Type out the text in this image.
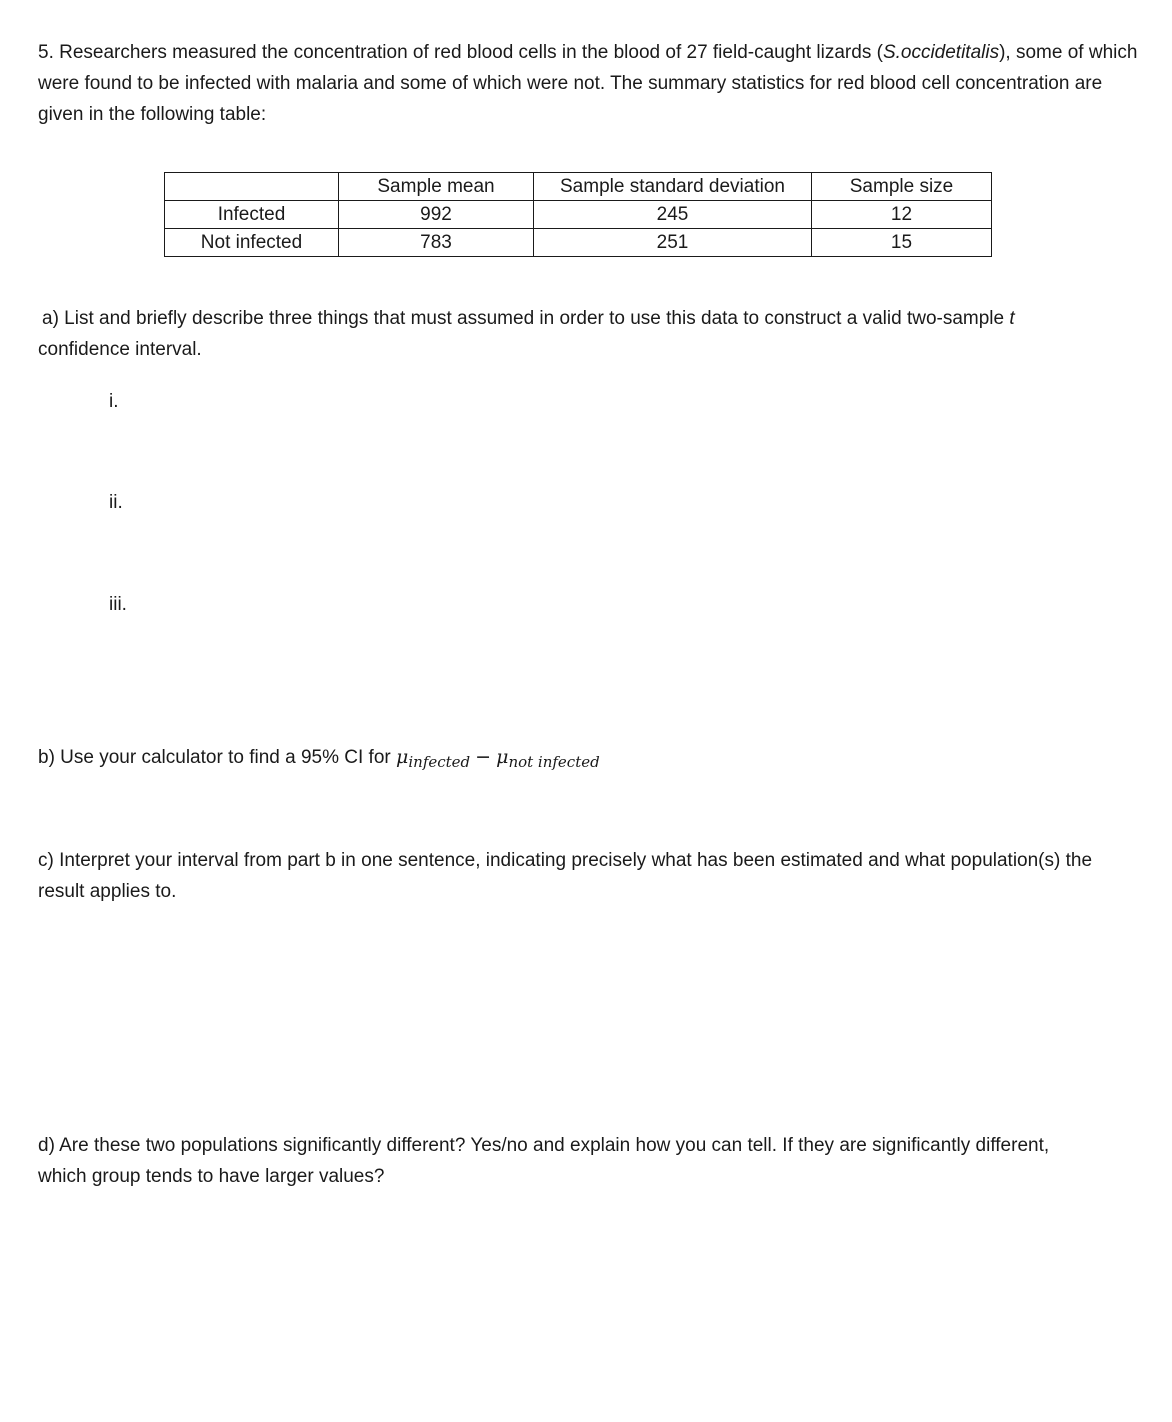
5. Researchers measured the concentration of red blood cells in the blood of 27 field-caught lizards (S.occidetitalis), some of which were found to be infected with malaria and some of which were not. The summary statistics for red blood cell concentration are given in the following table:

	Sample mean	Sample standard deviation	Sample size
Infected	992	245	12
Not infected	783	251	15

a) List and briefly describe three things that must assumed in order to use this data to construct a valid two-sample t
confidence interval.

i.

ii.

iii.

b) Use your calculator to find a 95% CI for $\mu_{infected} - \mu_{not infected}$

c) Interpret your interval from part b in one sentence, indicating precisely what has been estimated and what population(s) the result applies to.

d) Are these two populations significantly different? Yes/no and explain how you can tell. If they are significantly different, which group tends to have larger values?
